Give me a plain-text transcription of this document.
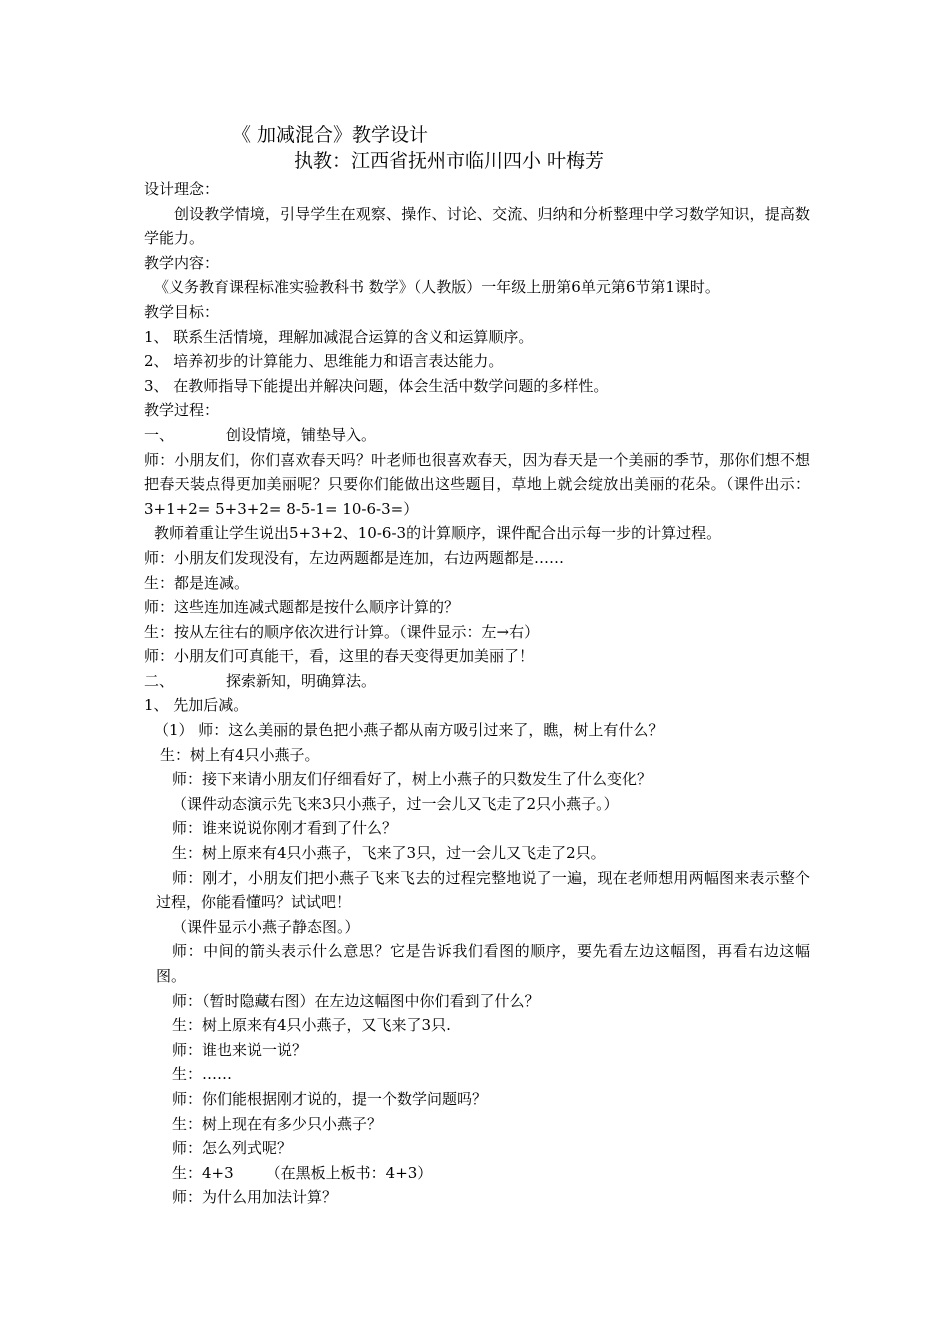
《 加减混合》教学设计
执教：江西省抚州市临川四小 叶梅芳

设计理念：

创设教学情境，引导学生在观察、操作、讨论、交流、归纳和分析整理中学习数学知识，提高数学能力。

教学内容：

《义务教育课程标准实验教科书 数学》（人教版）一年级上册第6单元第6节第1课时。

教学目标：

1、 联系生活情境，理解加减混合运算的含义和运算顺序。

2、 培养初步的计算能力、思维能力和语言表达能力。

3、 在教师指导下能提出并解决问题，体会生活中数学问题的多样性。

教学过程：

一、	创设情境，铺垫导入。

师：小朋友们，你们喜欢春天吗？叶老师也很喜欢春天，因为春天是一个美丽的季节，那你们想不想把春天装点得更加美丽呢？只要你们能做出这些题目，草地上就会绽放出美丽的花朵。（课件出示：3+1+2= 5+3+2= 8-5-1= 10-6-3=）

教师着重让学生说出5+3+2、10-6-3的计算顺序，课件配合出示每一步的计算过程。

师：小朋友们发现没有，左边两题都是连加，右边两题都是……

生：都是连减。

师：这些连加连减式题都是按什么顺序计算的？

生：按从左往右的顺序依次进行计算。（课件显示：左→右）

师：小朋友们可真能干，看，这里的春天变得更加美丽了！

二、	探索新知，明确算法。

1、 先加后减。

（1） 师：这么美丽的景色把小燕子都从南方吸引过来了，瞧，树上有什么？

生：树上有4只小燕子。

师：接下来请小朋友们仔细看好了，树上小燕子的只数发生了什么变化？

（课件动态演示先飞来3只小燕子，过一会儿又飞走了2只小燕子。）

师：谁来说说你刚才看到了什么？

生：树上原来有4只小燕子，飞来了3只，过一会儿又飞走了2只。

师：刚才，小朋友们把小燕子飞来飞去的过程完整地说了一遍，现在老师想用两幅图来表示整个过程，你能看懂吗？试试吧！

（课件显示小燕子静态图。）

师：中间的箭头表示什么意思？它是告诉我们看图的顺序，要先看左边这幅图，再看右边这幅图。

师：（暂时隐藏右图）在左边这幅图中你们看到了什么？

生：树上原来有4只小燕子，又飞来了3只.

师：谁也来说一说？

生：……

师：你们能根据刚才说的，提一个数学问题吗？

生：树上现在有多少只小燕子？

师：怎么列式呢？

生：4+3 （在黑板上板书：4+3）

师：为什么用加法计算？
